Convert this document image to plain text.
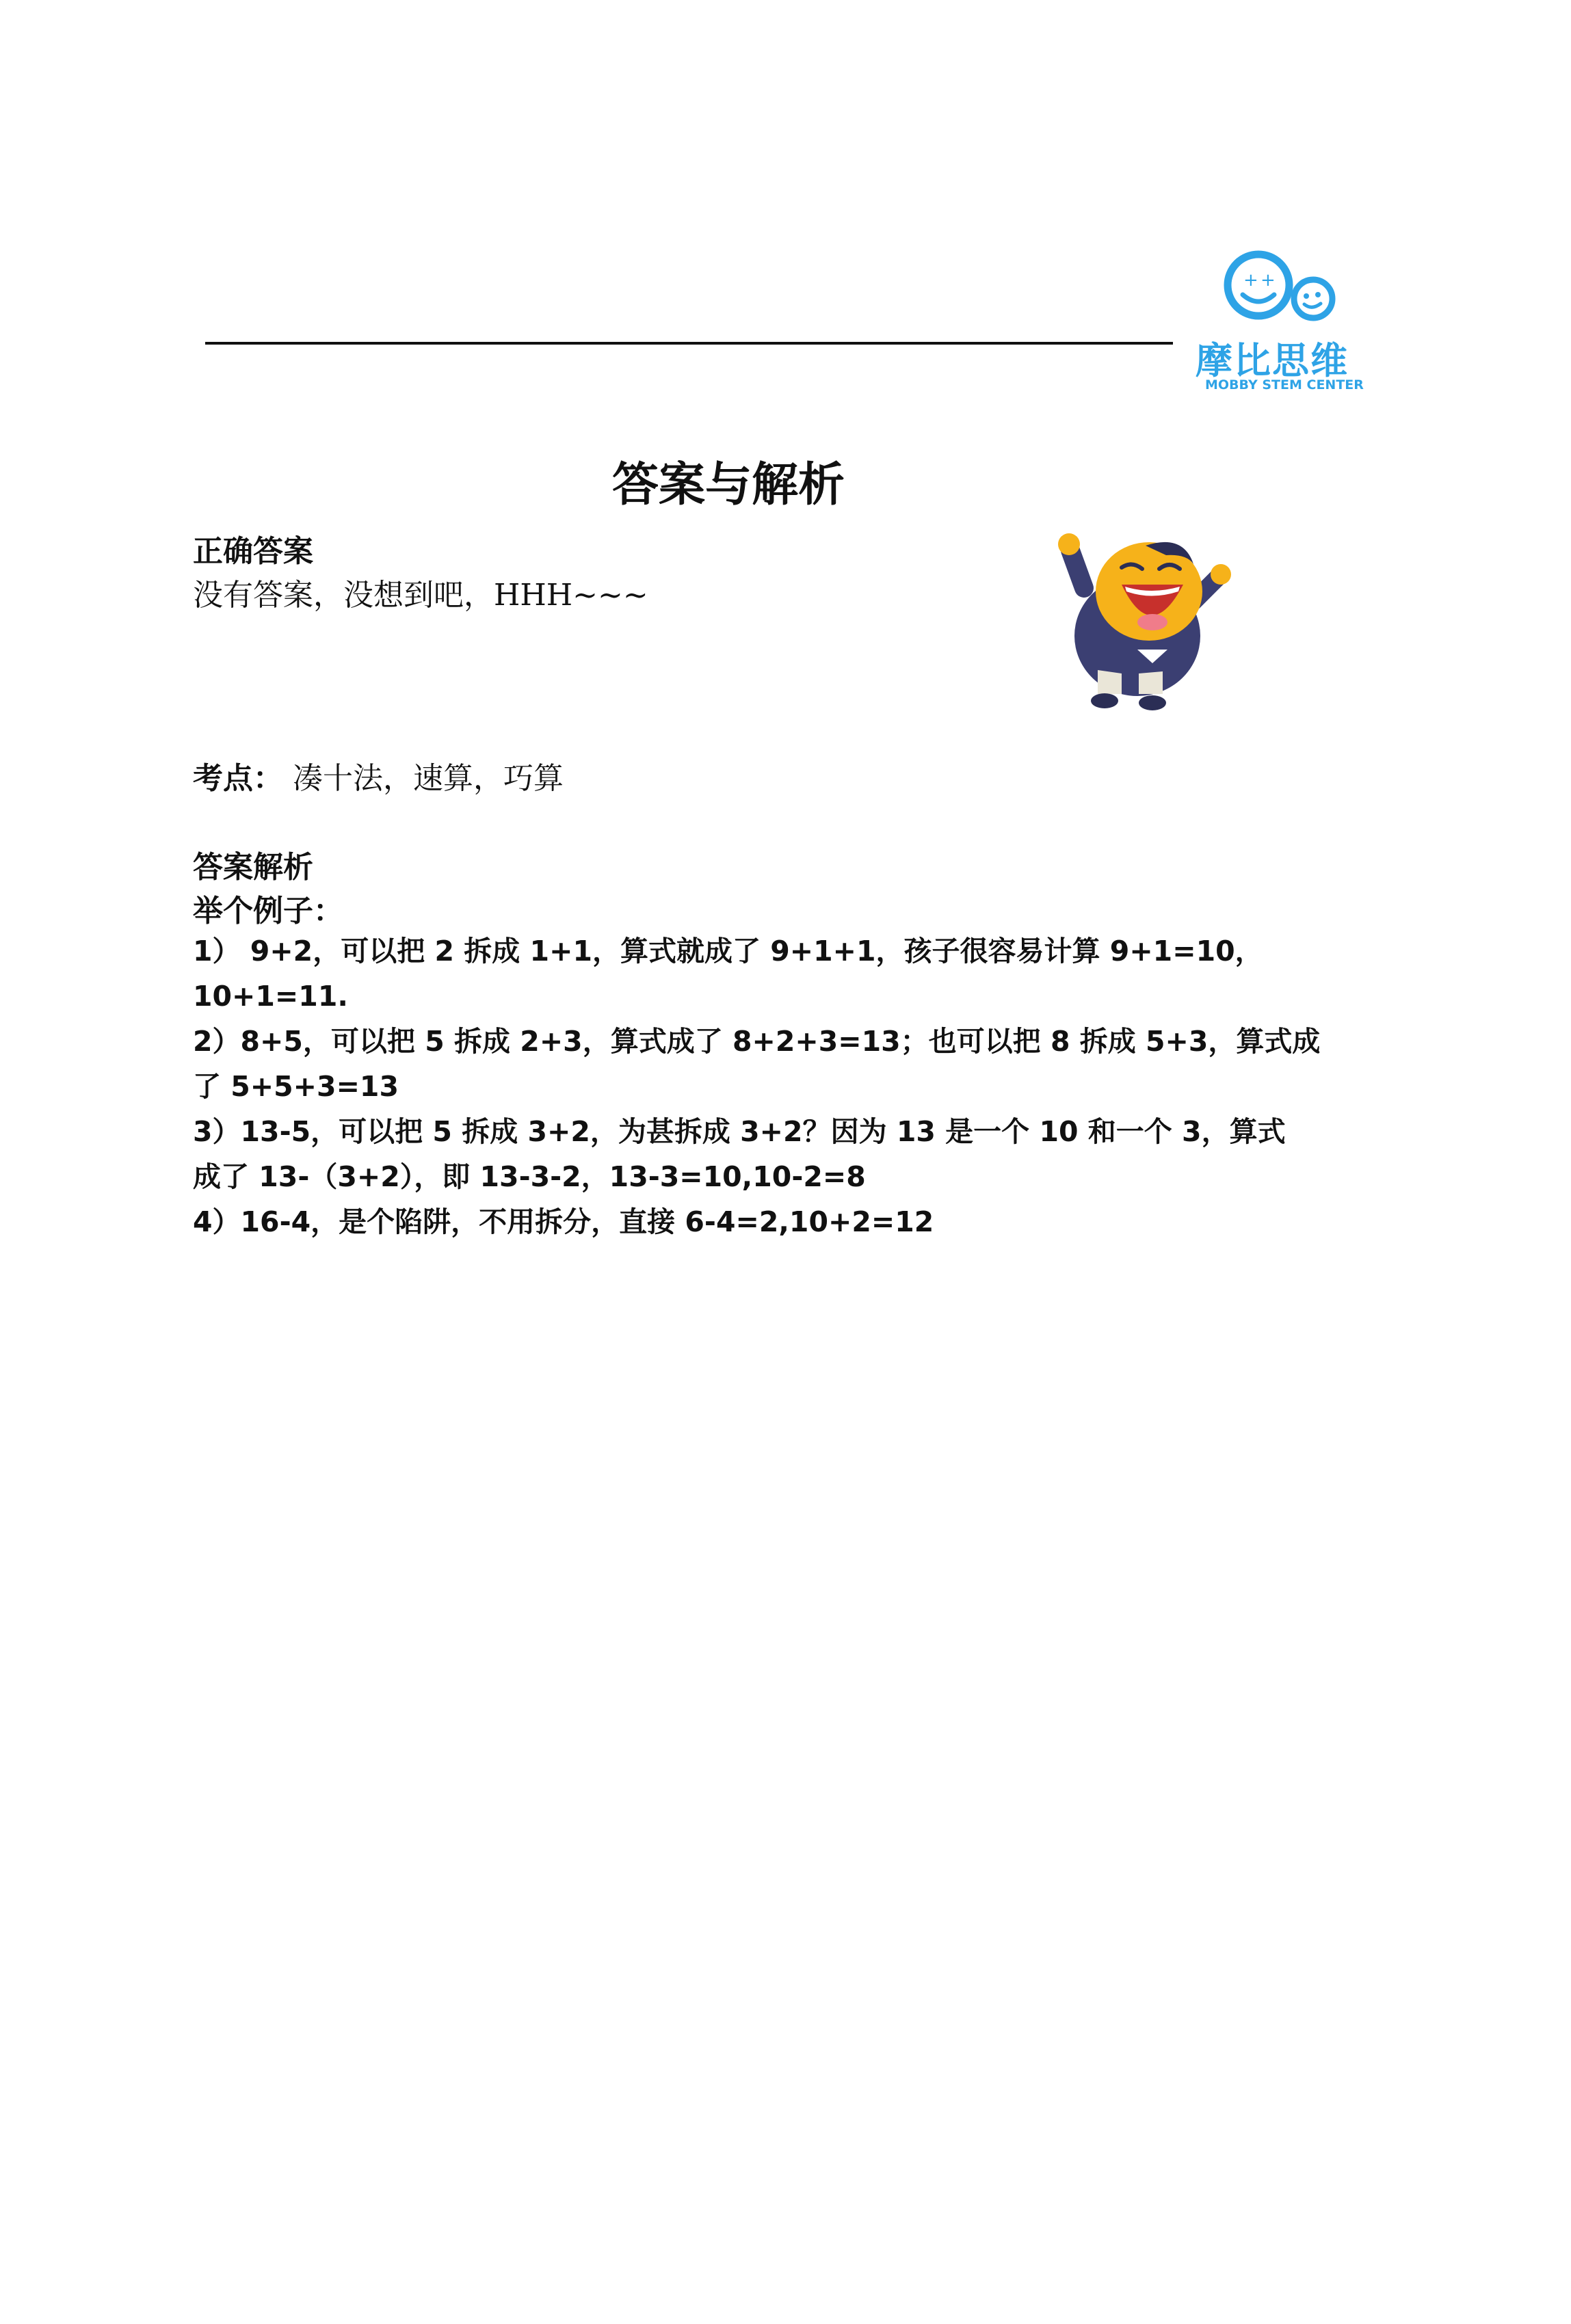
+ +
摩比思维
MOBBY STEM CENTER
答案与解析
正确答案
没有答案，没想到吧，HHH~~~
考点： 凑十法，速算，巧算
答案解析
举个例子：
1） 9+2，可以把 2 拆成 1+1，算式就成了 9+1+1，孩子很容易计算 9+1=10，10+1=11.
2）8+5，可以把 5 拆成 2+3，算式成了 8+2+3=13；也可以把 8 拆成 5+3，算式成
了 5+5+3=13
3）13-5，可以把 5 拆成 3+2，为甚拆成 3+2？因为 13 是一个 10 和一个 3，算式
成了 13-（3+2），即 13-3-2，13-3=10,10-2=8
4）16-4，是个陷阱，不用拆分，直接 6-4=2,10+2=12
